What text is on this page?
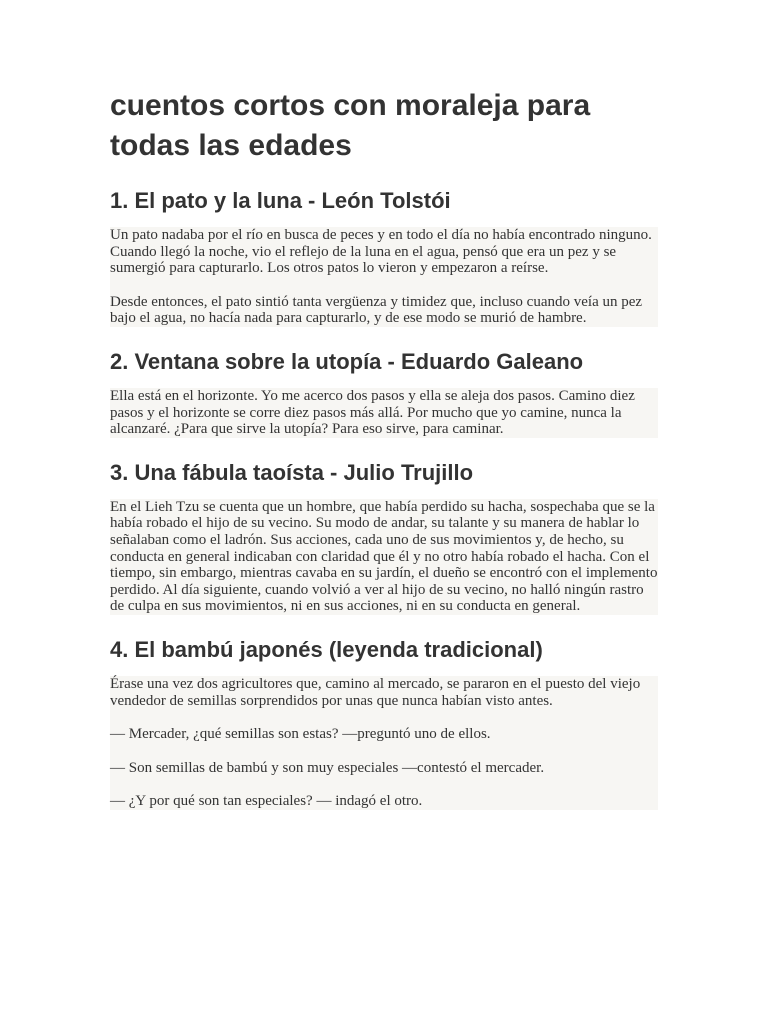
cuentos cortos con moraleja para todas las edades
1. El pato y la luna - León Tolstói

Un pato nadaba por el río en busca de peces y en todo el día no había encontrado ninguno. Cuando llegó la noche, vio el reflejo de la luna en el agua, pensó que era un pez y se sumergió para capturarlo. Los otros patos lo vieron y empezaron a reírse.

Desde entonces, el pato sintió tanta vergüenza y timidez que, incluso cuando veía un pez bajo el agua, no hacía nada para capturarlo, y de ese modo se murió de hambre.

2. Ventana sobre la utopía - Eduardo Galeano

Ella está en el horizonte. Yo me acerco dos pasos y ella se aleja dos pasos. Camino diez pasos y el horizonte se corre diez pasos más allá. Por mucho que yo camine, nunca la alcanzaré. ¿Para que sirve la utopía? Para eso sirve, para caminar.

3. Una fábula taoísta - Julio Trujillo

En el Lieh Tzu se cuenta que un hombre, que había perdido su hacha, sospechaba que se la había robado el hijo de su vecino. Su modo de andar, su talante y su manera de hablar lo señalaban como el ladrón. Sus acciones, cada uno de sus movimientos y, de hecho, su conducta en general indicaban con claridad que él y no otro había robado el hacha. Con el tiempo, sin embargo, mientras cavaba en su jardín, el dueño se encontró con el implemento perdido. Al día siguiente, cuando volvió a ver al hijo de su vecino, no halló ningún rastro de culpa en sus movimientos, ni en sus acciones, ni en su conducta en general.

4. El bambú japonés (leyenda tradicional)

Érase una vez dos agricultores que, camino al mercado, se pararon en el puesto del viejo vendedor de semillas sorprendidos por unas que nunca habían visto antes.

— Mercader, ¿qué semillas son estas? —preguntó uno de ellos.

— Son semillas de bambú y son muy especiales —contestó el mercader.

— ¿Y por qué son tan especiales? — indagó el otro.
